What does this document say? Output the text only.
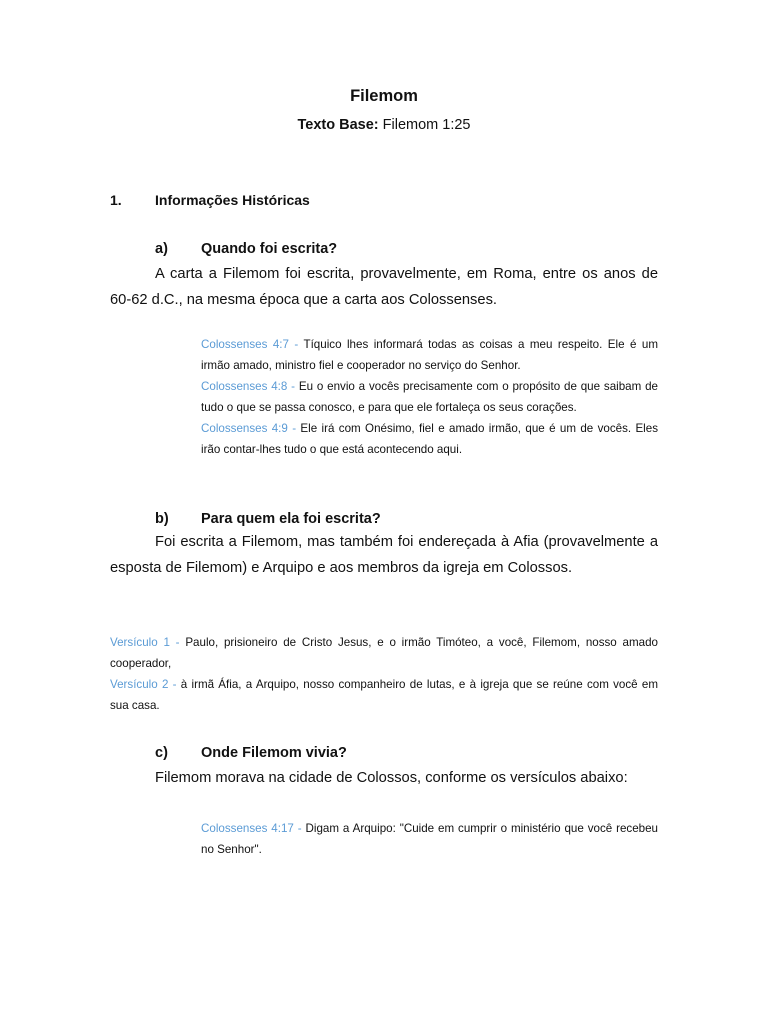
Filemom
Texto Base: Filemom 1:25
1. Informações Históricas
a) Quando foi escrita?
A carta a Filemom foi escrita, provavelmente, em Roma, entre os anos de 60-62 d.C., na mesma época que a carta aos Colossenses.
Colossenses 4:7 - Tíquico lhes informará todas as coisas a meu respeito. Ele é um irmão amado, ministro fiel e cooperador no serviço do Senhor.
Colossenses 4:8 - Eu o envio a vocês precisamente com o propósito de que saibam de tudo o que se passa conosco, e para que ele fortaleça os seus corações.
Colossenses 4:9 - Ele irá com Onésimo, fiel e amado irmão, que é um de vocês. Eles irão contar-lhes tudo o que está acontecendo aqui.
b) Para quem ela foi escrita?
Foi escrita a Filemom, mas também foi endereçada à Afia (provavelmente a esposta de Filemom) e Arquipo e aos membros da igreja em Colossos.
Versículo 1 - Paulo, prisioneiro de Cristo Jesus, e o irmão Timóteo, a você, Filemom, nosso amado cooperador,
Versículo 2 - à irmã Áfia, a Arquipo, nosso companheiro de lutas, e à igreja que se reúne com você em sua casa.
c) Onde Filemom vivia?
Filemom morava na cidade de Colossos, conforme os versículos abaixo:
Colossenses 4:17 - Digam a Arquipo: "Cuide em cumprir o ministério que você recebeu no Senhor".
